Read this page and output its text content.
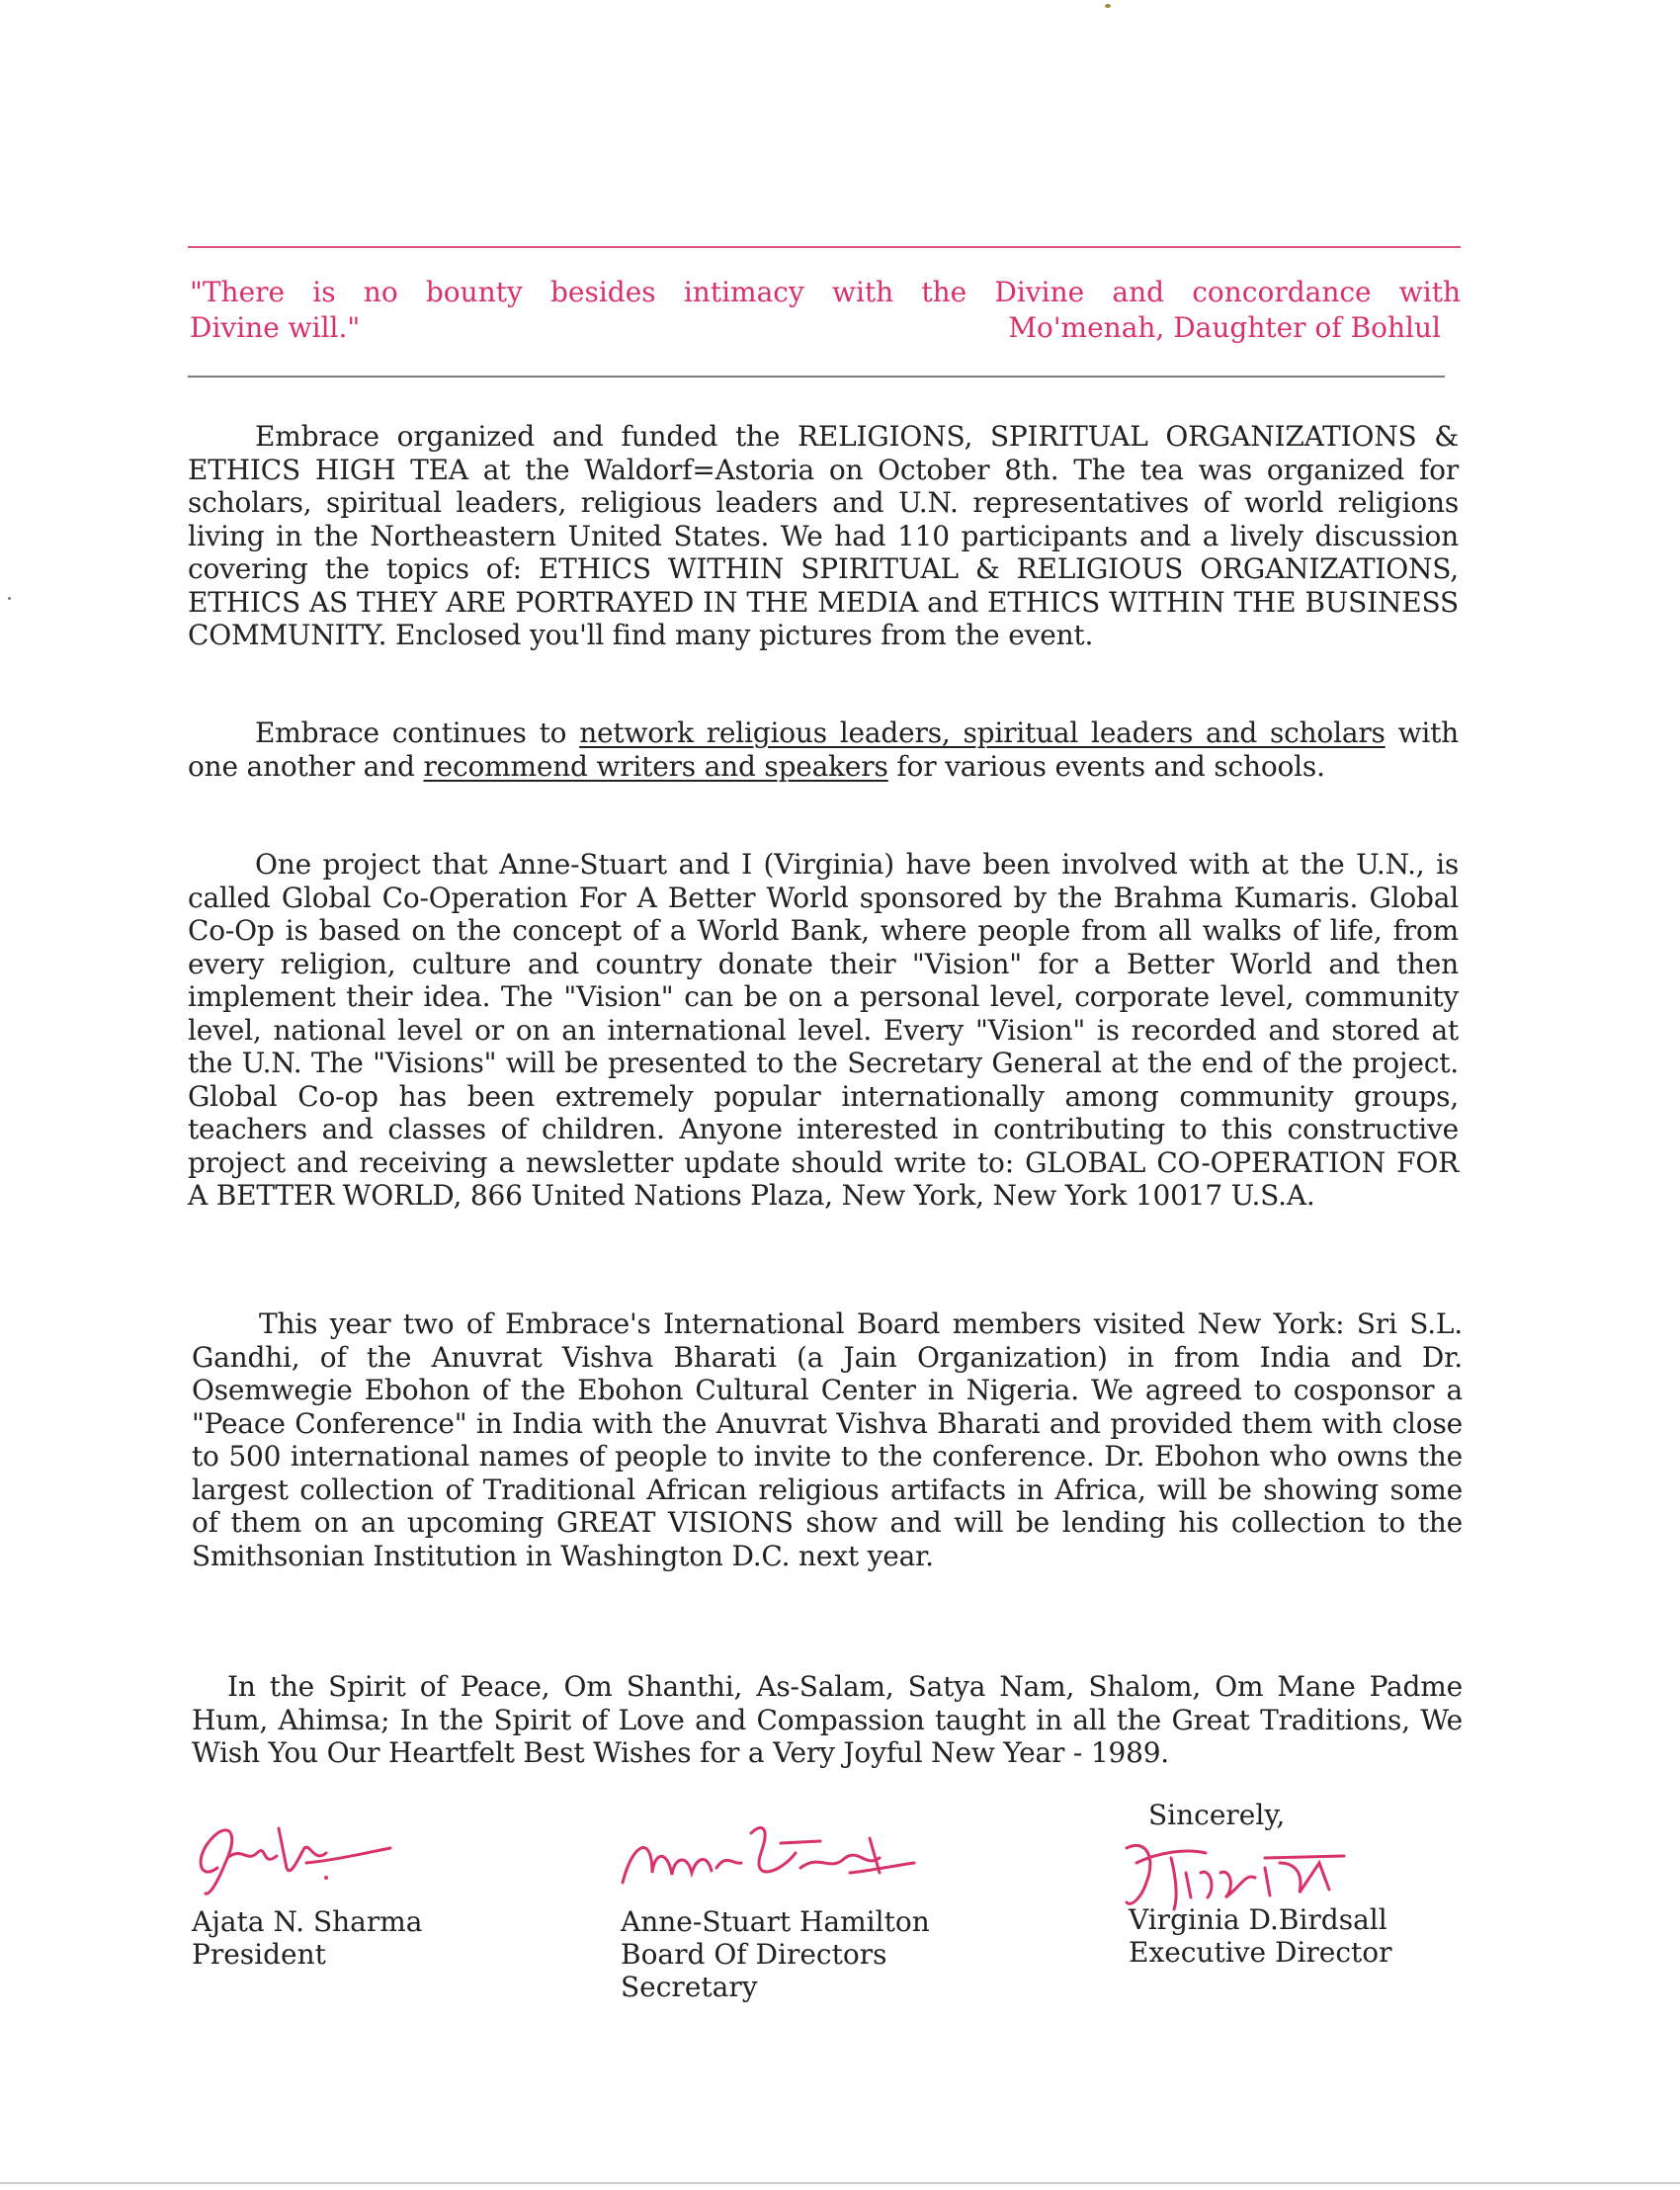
"There is no bounty besides intimacy with the Divine and concordance with
Divine will."	Mo'menah, Daughter of Bohlul

Embrace organized and funded the RELIGIONS, SPIRITUAL ORGANIZATIONS & ETHICS HIGH TEA at the Waldorf=Astoria on October 8th. The tea was organized for scholars, spiritual leaders, religious leaders and U.N. representatives of world religions living in the Northeastern United States. We had 110 participants and a lively discussion covering the topics of: ETHICS WITHIN SPIRITUAL & RELIGIOUS ORGANIZATIONS, ETHICS AS THEY ARE PORTRAYED IN THE MEDIA and ETHICS WITHIN THE BUSINESS COMMUNITY. Enclosed you'll find many pictures from the event.

Embrace continues to network religious leaders, spiritual leaders and scholars with one another and recommend writers and speakers for various events and schools.

One project that Anne-Stuart and I (Virginia) have been involved with at the U.N., is called Global Co-Operation For A Better World sponsored by the Brahma Kumaris. Global Co-Op is based on the concept of a World Bank, where people from all walks of life, from every religion, culture and country donate their "Vision" for a Better World and then implement their idea. The "Vision" can be on a personal level, corporate level, community level, national level or on an international level. Every "Vision" is recorded and stored at the U.N. The "Visions" will be presented to the Secretary General at the end of the project. Global Co-op has been extremely popular internationally among community groups, teachers and classes of children. Anyone interested in contributing to this constructive project and receiving a newsletter update should write to: GLOBAL CO-OPERATION FOR A BETTER WORLD, 866 United Nations Plaza, New York, New York 10017 U.S.A.

This year two of Embrace's International Board members visited New York: Sri S.L. Gandhi, of the Anuvrat Vishva Bharati (a Jain Organization) in from India and Dr. Osemwegie Ebohon of the Ebohon Cultural Center in Nigeria. We agreed to cosponsor a "Peace Conference" in India with the Anuvrat Vishva Bharati and provided them with close to 500 international names of people to invite to the conference. Dr. Ebohon who owns the largest collection of Traditional African religious artifacts in Africa, will be showing some of them on an upcoming GREAT VISIONS show and will be lending his collection to the Smithsonian Institution in Washington D.C. next year.

In the Spirit of Peace, Om Shanthi, As-Salam, Satya Nam, Shalom, Om Mane Padme Hum, Ahimsa; In the Spirit of Love and Compassion taught in all the Great Traditions, We Wish You Our Heartfelt Best Wishes for a Very Joyful New Year - 1989.

Sincerely,

Ajata N. Sharma
President
Anne-Stuart Hamilton
Board Of Directors
Secretary
Virginia D.Birdsall
Executive Director
